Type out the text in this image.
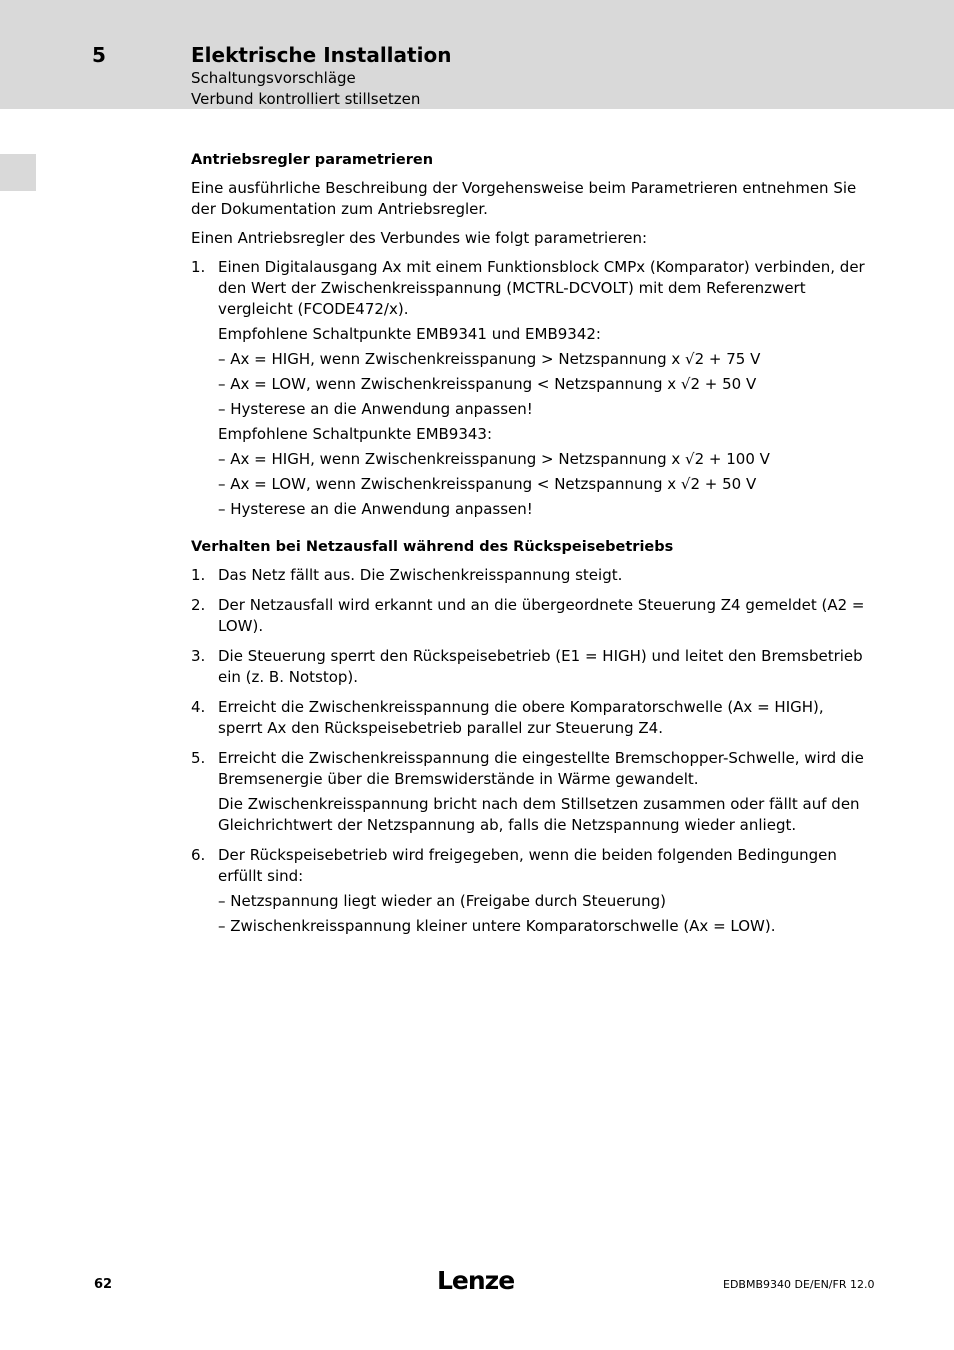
5	Elektrische Installation
Schaltungsvorschläge
Verbund kontrolliert stillsetzen
Antriebsregler parametrieren

Eine ausführliche Beschreibung der Vorgehensweise beim Parametrieren entnehmen Sie der Dokumentation zum Antriebsregler.

Einen Antriebsregler des Verbundes wie folgt parametrieren:

1. Einen Digitalausgang Ax mit einem Funktionsblock CMPx (Komparator) verbinden, der den Wert der Zwischenkreisspannung (MCTRL-DCVOLT) mit dem Referenzwert vergleicht (FCODE472/x).
Empfohlene Schaltpunkte EMB9341 und EMB9342:
– Ax = HIGH, wenn Zwischenkreisspanung > Netzspannung x √2 + 75 V
– Ax = LOW, wenn Zwischenkreisspanung < Netzspannung x √2 + 50 V
– Hysterese an die Anwendung anpassen!
Empfohlene Schaltpunkte EMB9343:
– Ax = HIGH, wenn Zwischenkreisspanung > Netzspannung x √2 + 100 V
– Ax = LOW, wenn Zwischenkreisspanung < Netzspannung x √2 + 50 V
– Hysterese an die Anwendung anpassen!
Verhalten bei Netzausfall während des Rückspeisebetriebs
1. Das Netz fällt aus. Die Zwischenkreisspannung steigt.
2. Der Netzausfall wird erkannt und an die übergeordnete Steuerung Z4 gemeldet (A2 = LOW).
3. Die Steuerung sperrt den Rückspeisebetrieb (E1 = HIGH) und leitet den Bremsbetrieb ein (z. B. Notstop).
4. Erreicht die Zwischenkreisspannung die obere Komparatorschwelle (Ax = HIGH), sperrt Ax den Rückspeisebetrieb parallel zur Steuerung Z4.
5. Erreicht die Zwischenkreisspannung die eingestellte Bremschopper-Schwelle, wird die Bremsenergie über die Bremswiderstände in Wärme gewandelt.
Die Zwischenkreisspannung bricht nach dem Stillsetzen zusammen oder fällt auf den Gleichrichtwert der Netzspannung ab, falls die Netzspannung wieder anliegt.
6. Der Rückspeisebetrieb wird freigegeben, wenn die beiden folgenden Bedingungen erfüllt sind:
– Netzspannung liegt wieder an (Freigabe durch Steuerung)
– Zwischenkreisspannung kleiner untere Komparatorschwelle (Ax = LOW).
62	Lenze	EDBMB9340 DE/EN/FR 12.0
